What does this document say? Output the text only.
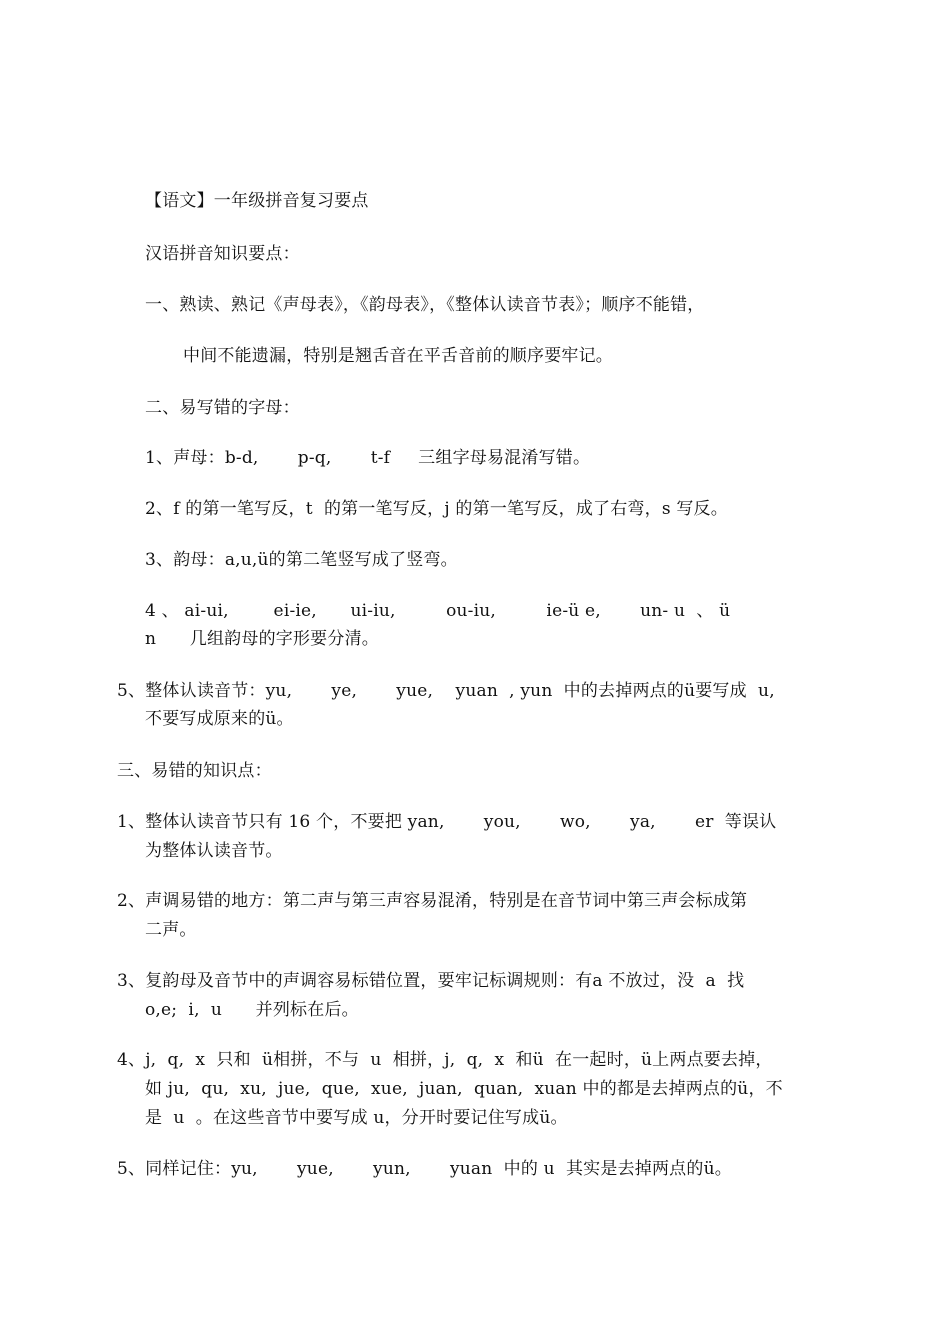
【语文】一年级拼音复习要点
汉语拼音知识要点：
一、熟读、熟记《声母表》，《韵母表》，《整体认读音节表》；顺序不能错，
中间不能遗漏，特别是翘舌音在平舌音前的顺序要牢记。
二、易写错的字母：
1、声母：b-d,       p-q,       t-f     三组字母易混淆写错。
2、f 的第一笔写反，t  的第一笔写反，j 的第一笔写反，成了右弯，s 写反。
3、韵母：a,u,ü的第二笔竖写成了竖弯。
4 、 ai-ui,        ei-ie,      ui-iu,         ou-iu,         ie-ü e,       un- u  、 ü
n      几组韵母的字形要分清。
5、整体认读音节：yu,       ye,       yue,    yuan  , yun  中的去掉两点的ü要写成  u,
不要写成原来的ü。
三、易错的知识点：
1、整体认读音节只有 16 个，不要把 yan,       you,       wo,       ya,       er  等误认
为整体认读音节。
2、声调易错的地方：第二声与第三声容易混淆，特别是在音节词中第三声会标成第
二声。
3、复韵母及音节中的声调容易标错位置，要牢记标调规则：有a 不放过，没  a  找
o,e;  i,  u      并列标在后。
4、j,  q,  x  只和  ü相拼，不与  u  相拼，j,  q,  x  和ü  在一起时，ü上两点要去掉，
如 ju,  qu,  xu,  jue,  que,  xue,  juan,  quan,  xuan 中的都是去掉两点的ü，不
是  u  。在这些音节中要写成 u，分开时要记住写成ü。
5、同样记住：yu,       yue,       yun,       yuan  中的 u  其实是去掉两点的ü。
